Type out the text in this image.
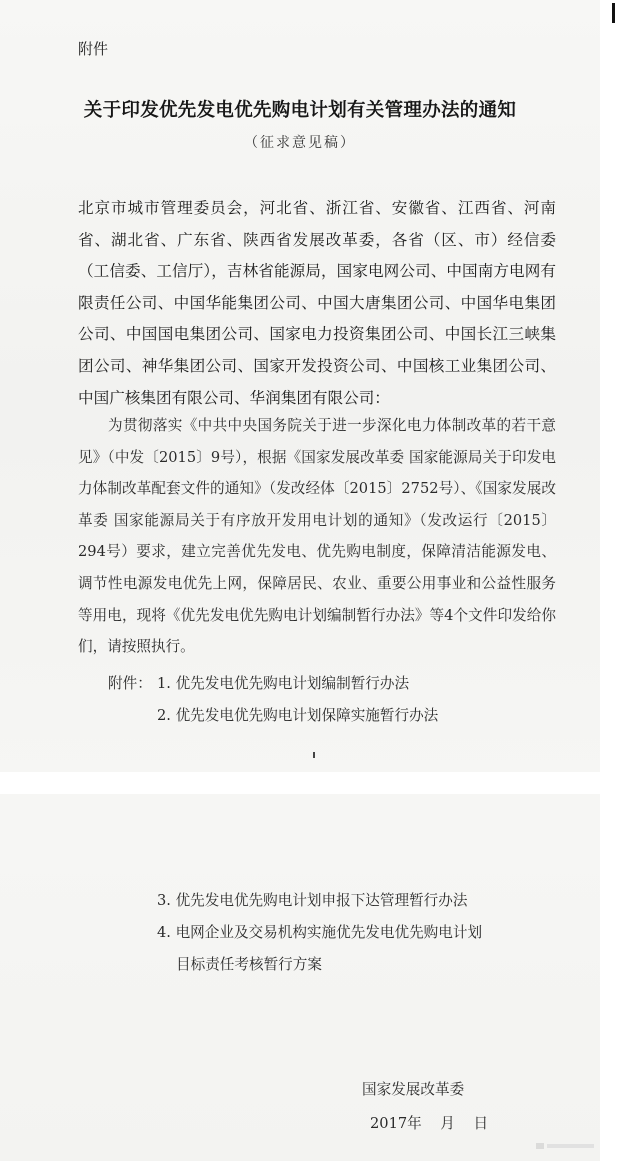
附件
关于印发优先发电优先购电计划有关管理办法的通知
（征求意见稿）
北京市城市管理委员会，河北省、浙江省、安徽省、江西省、河南省、湖北省、广东省、陕西省发展改革委，各省（区、市）经信委（工信委、工信厅），吉林省能源局，国家电网公司、中国南方电网有限责任公司、中国华能集团公司、中国大唐集团公司、中国华电集团公司、中国国电集团公司、国家电力投资集团公司、中国长江三峡集团公司、神华集团公司、国家开发投资公司、中国核工业集团公司、中国广核集团有限公司、华润集团有限公司：
为贯彻落实《中共中央国务院关于进一步深化电力体制改革的若干意见》（中发〔2015〕9号），根据《国家发展改革委 国家能源局关于印发电力体制改革配套文件的通知》（发改经体〔2015〕2752号）、《国家发展改革委 国家能源局关于有序放开发用电计划的通知》（发改运行〔2015〕294号）要求，建立完善优先发电、优先购电制度，保障清洁能源发电、调节性电源发电优先上网，保障居民、农业、重要公用事业和公益性服务等用电，现将《优先发电优先购电计划编制暂行办法》等4个文件印发给你们，请按照执行。
附件： 1. 优先发电优先购电计划编制暂行办法
2. 优先发电优先购电计划保障实施暂行办法
3. 优先发电优先购电计划申报下达管理暂行办法
4. 电网企业及交易机构实施优先发电优先购电计划
目标责任考核暂行方案
国家发展改革委
2017年    月    日
